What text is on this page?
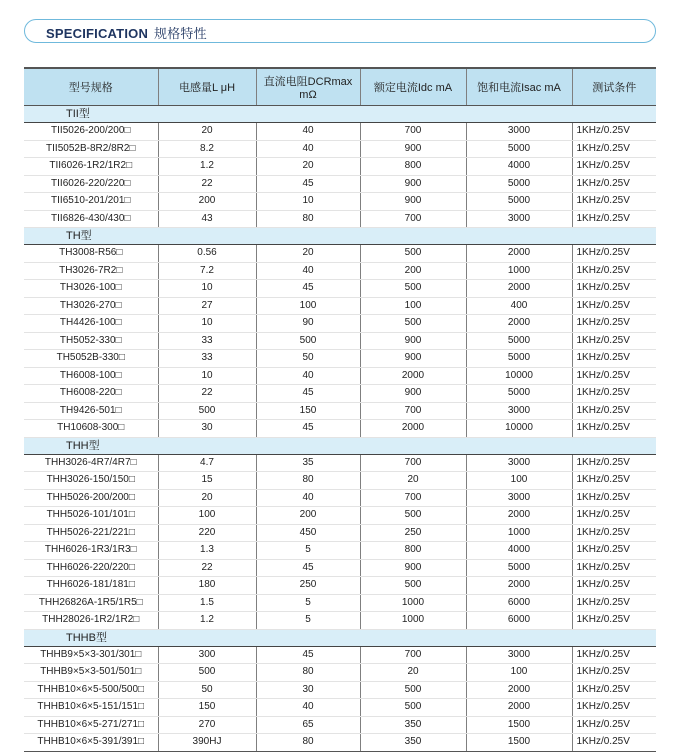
SPECIFICATION 规格特性
型号规格	电感量L μH	直流电阻DCRmax mΩ	额定电流Idc mA	饱和电流Isac mA	测试条件
TII型					
TII5026-200/200□	20	40	700	3000	1KHz/0.25V
TII5052B-8R2/8R2□	8.2	40	900	5000	1KHz/0.25V
TII6026-1R2/1R2□	1.2	20	800	4000	1KHz/0.25V
TII6026-220/220□	22	45	900	5000	1KHz/0.25V
TII6510-201/201□	200	10	900	5000	1KHz/0.25V
TII6826-430/430□	43	80	700	3000	1KHz/0.25V
TH型					
TH3008-R56□	0.56	20	500	2000	1KHz/0.25V
TH3026-7R2□	7.2	40	200	1000	1KHz/0.25V
TH3026-100□	10	45	500	2000	1KHz/0.25V
TH3026-270□	27	100	100	400	1KHz/0.25V
TH4426-100□	10	90	500	2000	1KHz/0.25V
TH5052-330□	33	500	900	5000	1KHz/0.25V
TH5052B-330□	33	50	900	5000	1KHz/0.25V
TH6008-100□	10	40	2000	10000	1KHz/0.25V
TH6008-220□	22	45	900	5000	1KHz/0.25V
TH9426-501□	500	150	700	3000	1KHz/0.25V
TH10608-300□	30	45	2000	10000	1KHz/0.25V
THH型					
THH3026-4R7/4R7□	4.7	35	700	3000	1KHz/0.25V
THH3026-150/150□	15	80	20	100	1KHz/0.25V
THH5026-200/200□	20	40	700	3000	1KHz/0.25V
THH5026-101/101□	100	200	500	2000	1KHz/0.25V
THH5026-221/221□	220	450	250	1000	1KHz/0.25V
THH6026-1R3/1R3□	1.3	5	800	4000	1KHz/0.25V
THH6026-220/220□	22	45	900	5000	1KHz/0.25V
THH6026-181/181□	180	250	500	2000	1KHz/0.25V
THH26826A-1R5/1R5□	1.5	5	1000	6000	1KHz/0.25V
THH28026-1R2/1R2□	1.2	5	1000	6000	1KHz/0.25V
THHB型					
THHB9×5×3-301/301□	300	45	700	3000	1KHz/0.25V
THHB9×5×3-501/501□	500	80	20	100	1KHz/0.25V
THHB10×6×5-500/500□	50	30	500	2000	1KHz/0.25V
THHB10×6×5-151/151□	150	40	500	2000	1KHz/0.25V
THHB10×6×5-271/271□	270	65	350	1500	1KHz/0.25V
THHB10×6×5-391/391□	390HJ	80	350	1500	1KHz/0.25V
